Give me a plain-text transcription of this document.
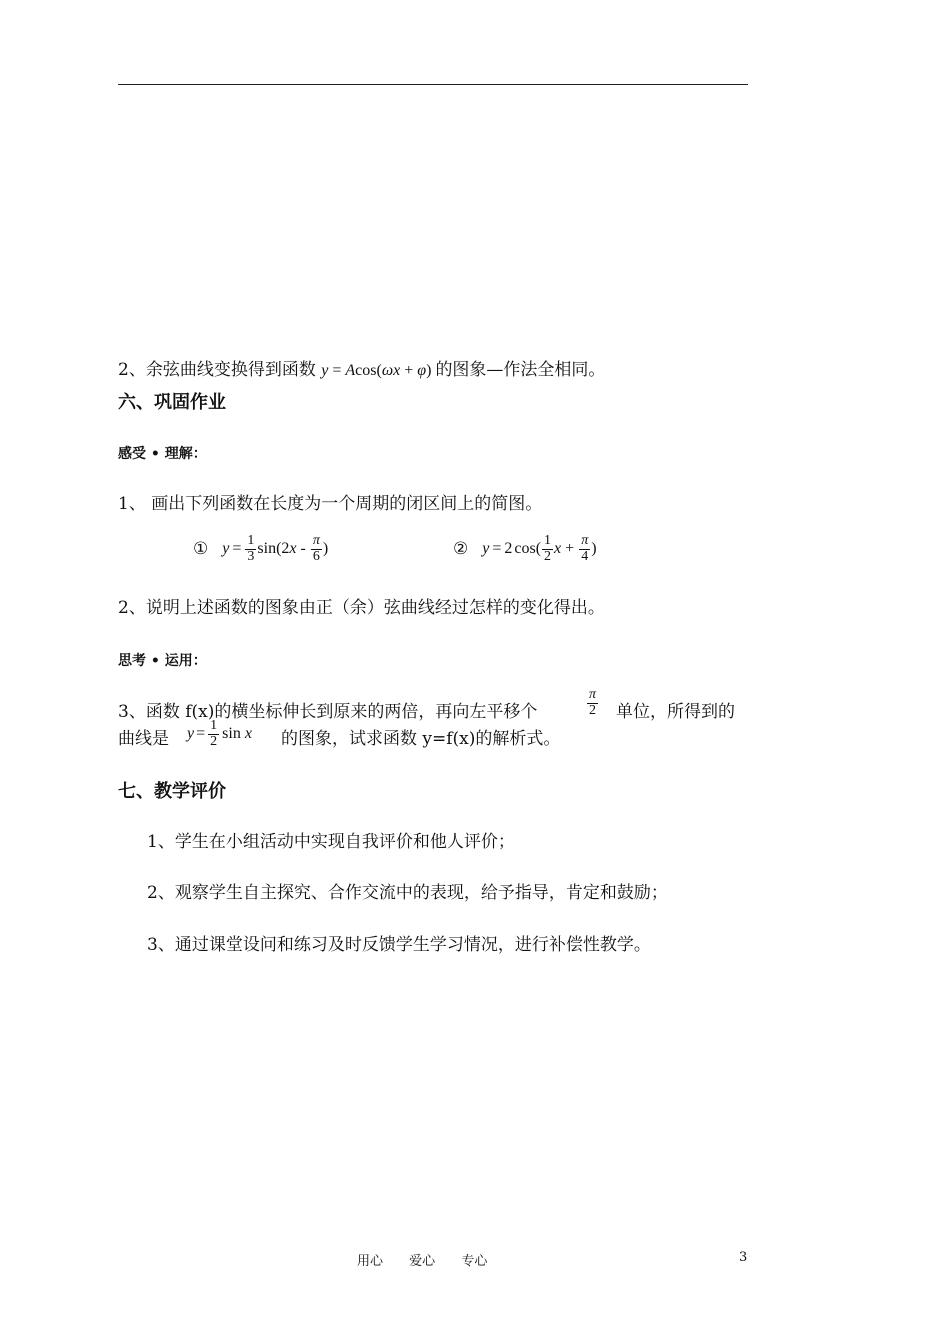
2、余弦曲线变换得到函数 y = Acos(ωx + φ) 的图象—作法全相同。
六、巩固作业
感受 • 理解：
1、 画出下列函数在长度为一个周期的闭区间上的简图。
① $y = \frac{1}{3} \sin(2$ x - $\frac{\pi}{6}$ )	② y = 2 $\cos( \frac{1}{2}$ $x + \frac{\pi}{4}$ )
2、说明上述函数的图象由正（余）弦曲线经过怎样的变化得出。
思考 • 运用：
3、函数 f(x)的横坐标伸长到原来的两倍，再向左平移个	$\frac{\pi}{2}$ 单位，所得到的
曲线是 $y = \frac{1}{2}$ sin x 的图象，试求函数 y=f(x)的解析式。
七、教学评价
1、学生在小组活动中实现自我评价和他人评价；
2、观察学生自主探究、合作交流中的表现，给予指导，肯定和鼓励；
3、通过课堂设问和练习及时反馈学生学习情况，进行补偿性教学。
用心 爱心 专心	3
